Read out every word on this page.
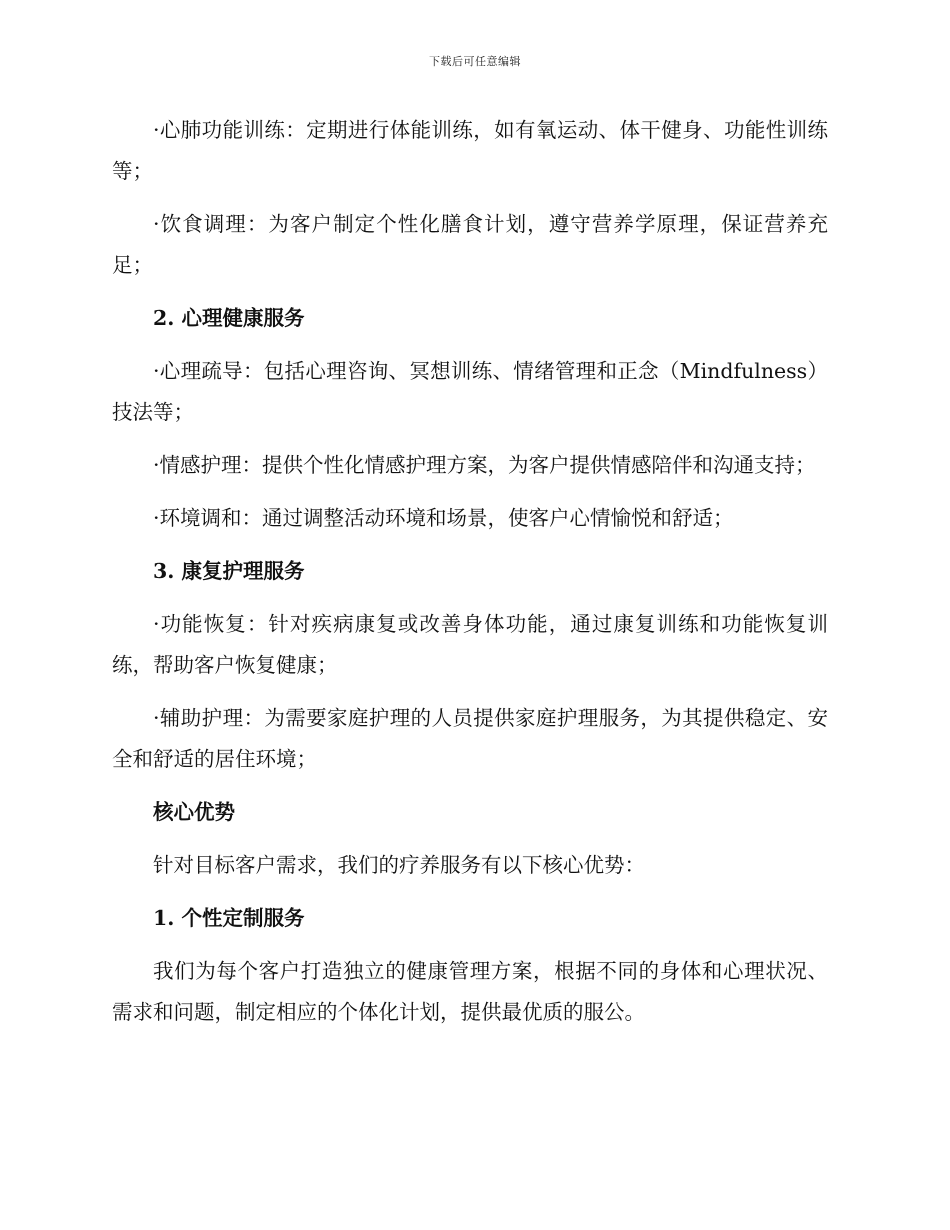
下载后可任意编辑

·心肺功能训练：定期进行体能训练，如有氧运动、体干健身、功能性训练等；

·饮食调理：为客户制定个性化膳食计划，遵守营养学原理，保证营养充足；

2. 心理健康服务

·心理疏导：包括心理咨询、冥想训练、情绪管理和正念（Mindfulness）技法等；

·情感护理：提供个性化情感护理方案，为客户提供情感陪伴和沟通支持；

·环境调和：通过调整活动环境和场景，使客户心情愉悦和舒适；

3. 康复护理服务

·功能恢复：针对疾病康复或改善身体功能，通过康复训练和功能恢复训练，帮助客户恢复健康；

·辅助护理：为需要家庭护理的人员提供家庭护理服务，为其提供稳定、安全和舒适的居住环境；

核心优势

针对目标客户需求，我们的疗养服务有以下核心优势：

1. 个性定制服务

我们为每个客户打造独立的健康管理方案，根据不同的身体和心理状况、需求和问题，制定相应的个体化计划，提供最优质的服公。
